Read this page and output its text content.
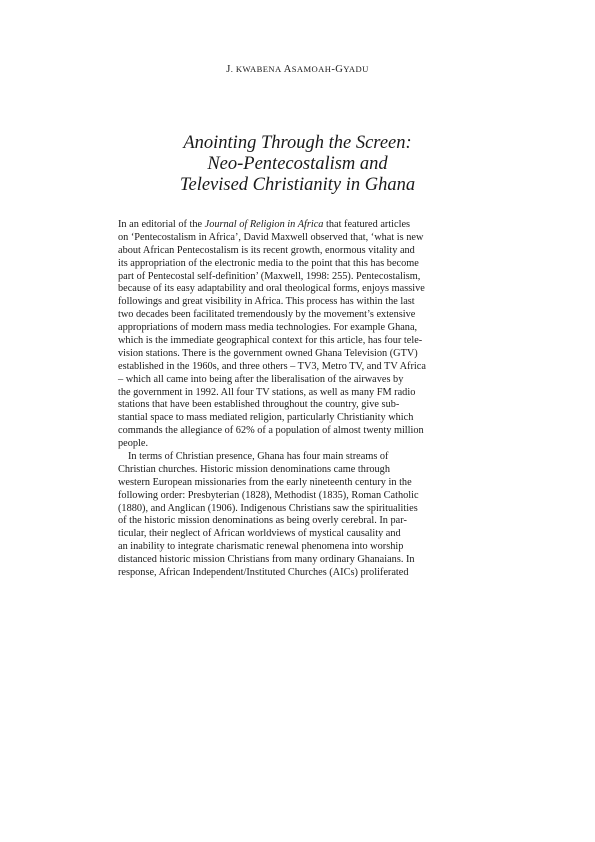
J. KWABENA ASAMOAH-GYADU
Anointing Through the Screen:
Neo-Pentecostalism and
Televised Christianity in Ghana
In an editorial of the Journal of Religion in Africa that featured articles
on ‘Pentecostalism in Africa’, David Maxwell observed that, ‘what is new
about African Pentecostalism is its recent growth, enormous vitality and
its appropriation of the electronic media to the point that this has become
part of Pentecostal self-definition’ (Maxwell, 1998: 255). Pentecostalism,
because of its easy adaptability and oral theological forms, enjoys massive
followings and great visibility in Africa. This process has within the last
two decades been facilitated tremendously by the movement’s extensive
appropriations of modern mass media technologies. For example Ghana,
which is the immediate geographical context for this article, has four tele-
vision stations. There is the government owned Ghana Television (GTV)
established in the 1960s, and three others – TV3, Metro TV, and TV Africa
– which all came into being after the liberalisation of the airwaves by
the government in 1992. All four TV stations, as well as many FM radio
stations that have been established throughout the country, give sub-
stantial space to mass mediated religion, particularly Christianity which
commands the allegiance of 62% of a population of almost twenty million
people.
In terms of Christian presence, Ghana has four main streams of
Christian churches. Historic mission denominations came through
western European missionaries from the early nineteenth century in the
following order: Presbyterian (1828), Methodist (1835), Roman Catholic
(1880), and Anglican (1906). Indigenous Christians saw the spiritualities
of the historic mission denominations as being overly cerebral. In par-
ticular, their neglect of African worldviews of mystical causality and
an inability to integrate charismatic renewal phenomena into worship
distanced historic mission Christians from many ordinary Ghanaians. In
response, African Independent/Instituted Churches (AICs) proliferated
